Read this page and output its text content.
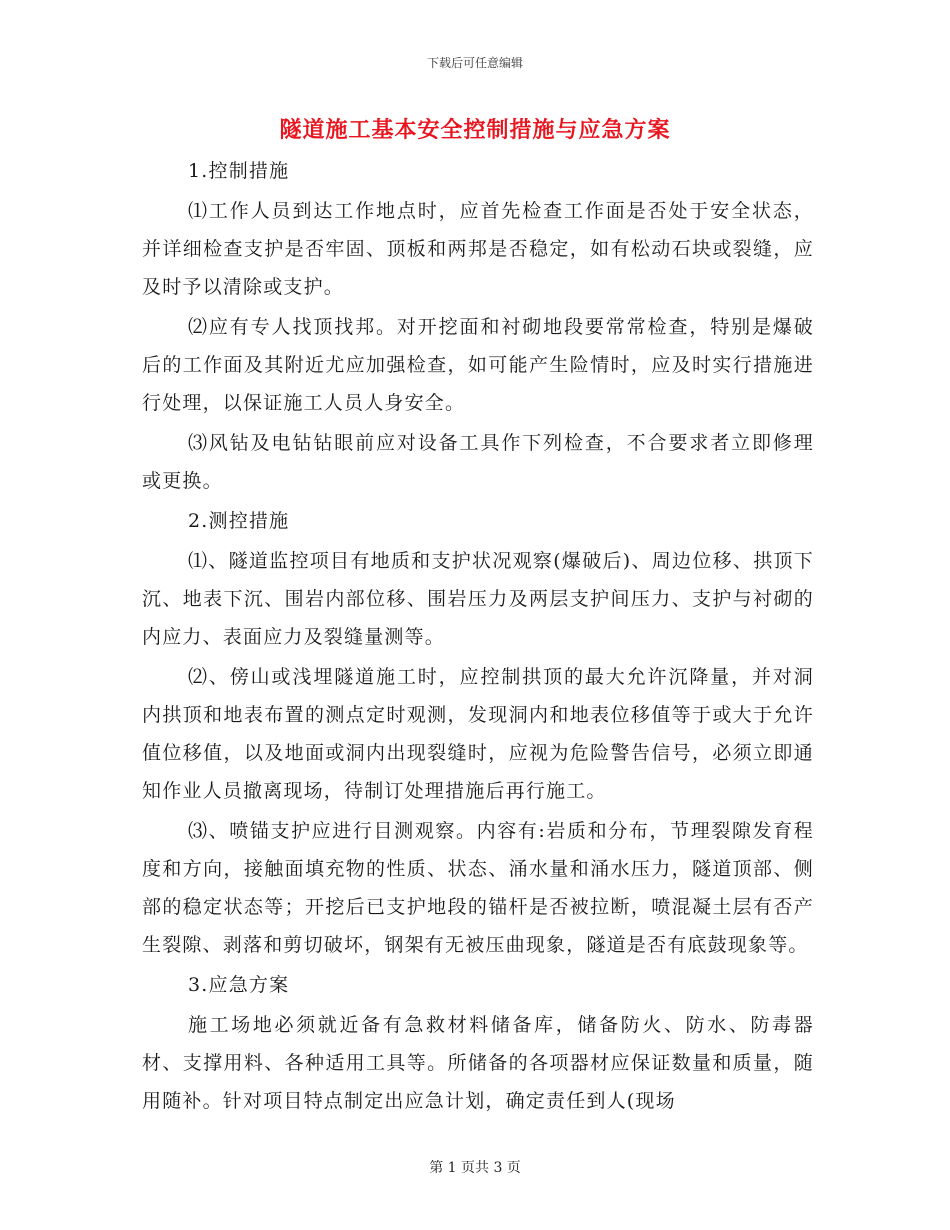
下载后可任意编辑
隧道施工基本安全控制措施与应急方案

1.控制措施

⑴工作人员到达工作地点时，应首先检查工作面是否处于安全状态，并详细检查支护是否牢固、顶板和两邦是否稳定，如有松动石块或裂缝，应及时予以清除或支护。

⑵应有专人找顶找邦。对开挖面和衬砌地段要常常检查，特别是爆破后的工作面及其附近尤应加强检查，如可能产生险情时，应及时实行措施进行处理，以保证施工人员人身安全。

⑶风钻及电钻钻眼前应对设备工具作下列检查，不合要求者立即修理或更换。

2.测控措施

⑴、隧道监控项目有地质和支护状况观察(爆破后)、周边位移、拱顶下沉、地表下沉、围岩内部位移、围岩压力及两层支护间压力、支护与衬砌的内应力、表面应力及裂缝量测等。

⑵、傍山或浅埋隧道施工时，应控制拱顶的最大允许沉降量，并对洞内拱顶和地表布置的测点定时观测，发现洞内和地表位移值等于或大于允许值位移值，以及地面或洞内出现裂缝时，应视为危险警告信号，必须立即通知作业人员撤离现场，待制订处理措施后再行施工。

⑶、喷锚支护应进行目测观察。内容有:岩质和分布，节理裂隙发育程度和方向，接触面填充物的性质、状态、涌水量和涌水压力，隧道顶部、侧部的稳定状态等；开挖后已支护地段的锚杆是否被拉断，喷混凝土层有否产生裂隙、剥落和剪切破坏，钢架有无被压曲现象，隧道是否有底鼓现象等。

3.应急方案

施工场地必须就近备有急救材料储备库，储备防火、防水、防毒器材、支撑用料、各种适用工具等。所储备的各项器材应保证数量和质量，随用随补。针对项目特点制定出应急计划，确定责任到人(现场

第 1 页共 3 页
